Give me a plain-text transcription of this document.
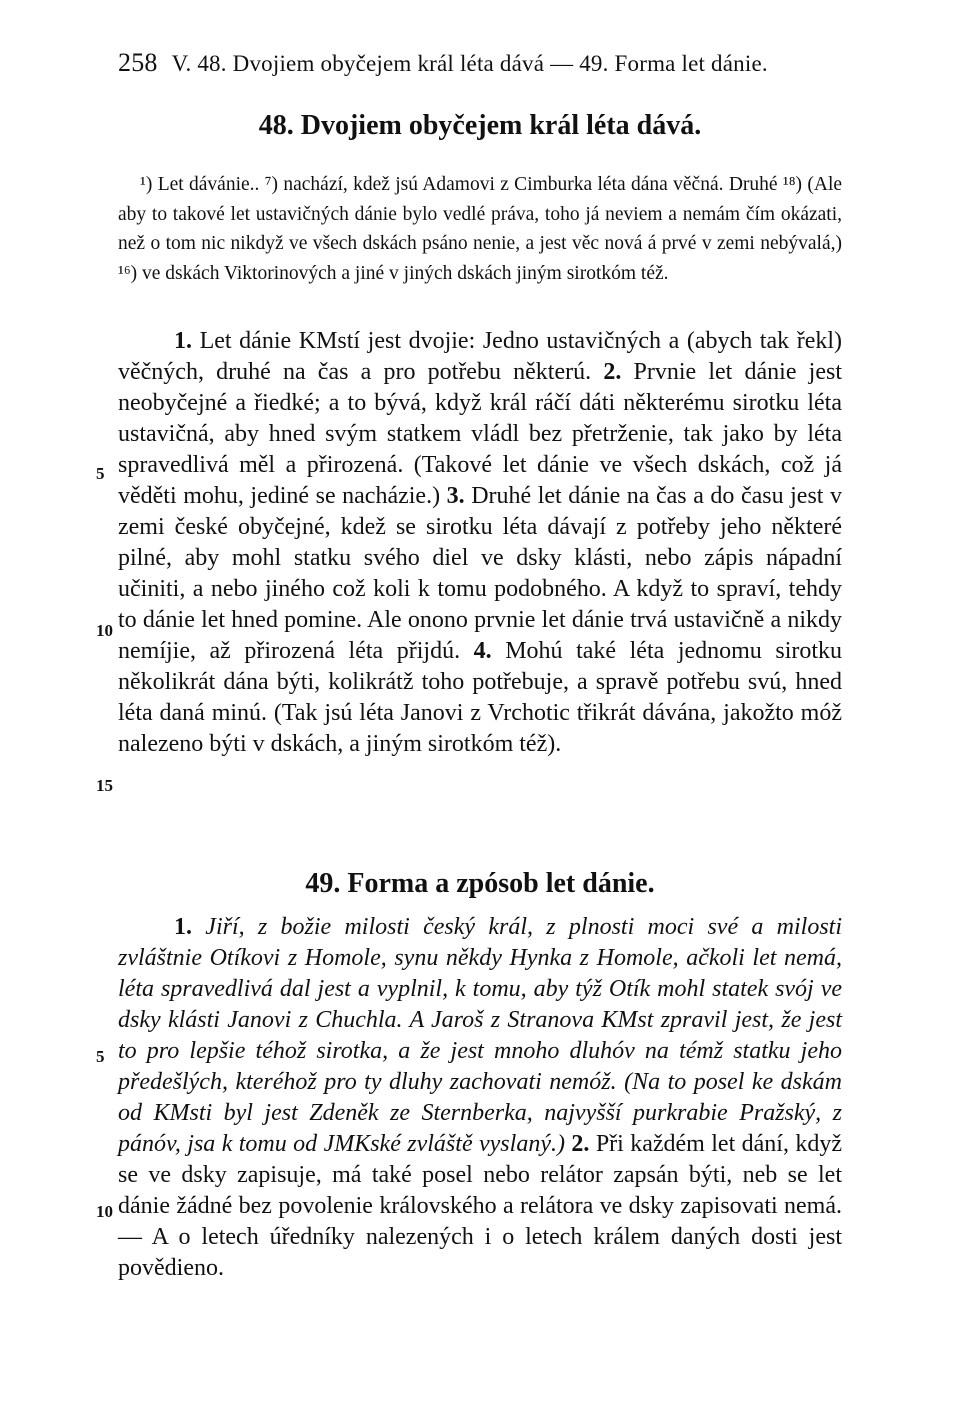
258 V. 48. Dvojiem obyčejem král léta dává — 49. Forma let dánie.
48. Dvojiem obyčejem král léta dává.

¹) Let dávánie.. ⁷) nachází, kdež jsú Adamovi z Cimburka léta dána věčná. Druhé ¹⁸) (Ale aby to takové let ustavičných dánie bylo vedlé práva, toho já neviem a nemám čím okázati, než o tom nic nikdyž ve všech dskách psáno nenie, a jest věc nová á prvé v zemi nebývalá,) ¹⁶) ve dskách Viktorinových a jiné v jiných dskách jiným sirotkóm též.

1. Let dánie KMstí jest dvojie: Jedno ustavičných a (abych tak řekl) věčných, druhé na čas a pro potřebu některú. 2. Prvnie let dánie jest neobyčejné a řiedké; a to bývá, když král ráčí dáti některému sirotku léta ustavičná, aby hned svým statkem vládl bez přetrženie, tak jako by léta spravedlivá měl a přirozená. (Takové let dánie ve všech dskách, což já věděti mohu, jediné se nacházie.) 3. Druhé let dánie na čas a do času jest v zemi české obyčejné, kdež se sirotku léta dávají z potřeby jeho některé pilné, aby mohl statku svého diel ve dsky klásti, nebo zápis nápadní učiniti, a nebo jiného což koli k tomu podobného. A když to spraví, tehdy to dánie let hned pomine. Ale onono prvnie let dánie trvá ustavičně a nikdy nemíjie, až přirozená léta přijdú. 4. Mohú také léta jednomu sirotku několikrát dána býti, kolikrátž toho potřebuje, a spravě potřebu svú, hned léta daná minú. (Tak jsú léta Janovi z Vrchotic třikrát dávána, jakožto móž nalezeno býti v dskách, a jiným sirotkóm též).

5
10
15
49. Forma a zpósob let dánie.

1. Jiří, z božie milosti český král, z plnosti moci své a milosti zvláštnie Otíkovi z Homole, synu někdy Hynka z Homole, ačkoli let nemá, léta spravedlivá dal jest a vyplnil, k tomu, aby týž Otík mohl statek svój ve dsky klásti Janovi z Chuchla. A Jaroš z Stranova KMst zpravil jest, že jest to pro lepšie téhož sirotka, a že jest mnoho dluhóv na témž statku jeho předešlých, kteréhož pro ty dluhy zachovati nemóž. (Na to posel ke dskám od KMsti byl jest Zdeněk ze Sternberka, najvyšší purkrabie Pražský, z pánóv, jsa k tomu od JMKské zvláště vyslaný.) 2. Při každém let dání, když se ve dsky zapisuje, má také posel nebo relátor zapsán býti, neb se let dánie žádné bez povolenie královského a relátora ve dsky zapisovati nemá. — A o letech úředníky nalezených i o letech králem daných dosti jest povědieno.

5
10
